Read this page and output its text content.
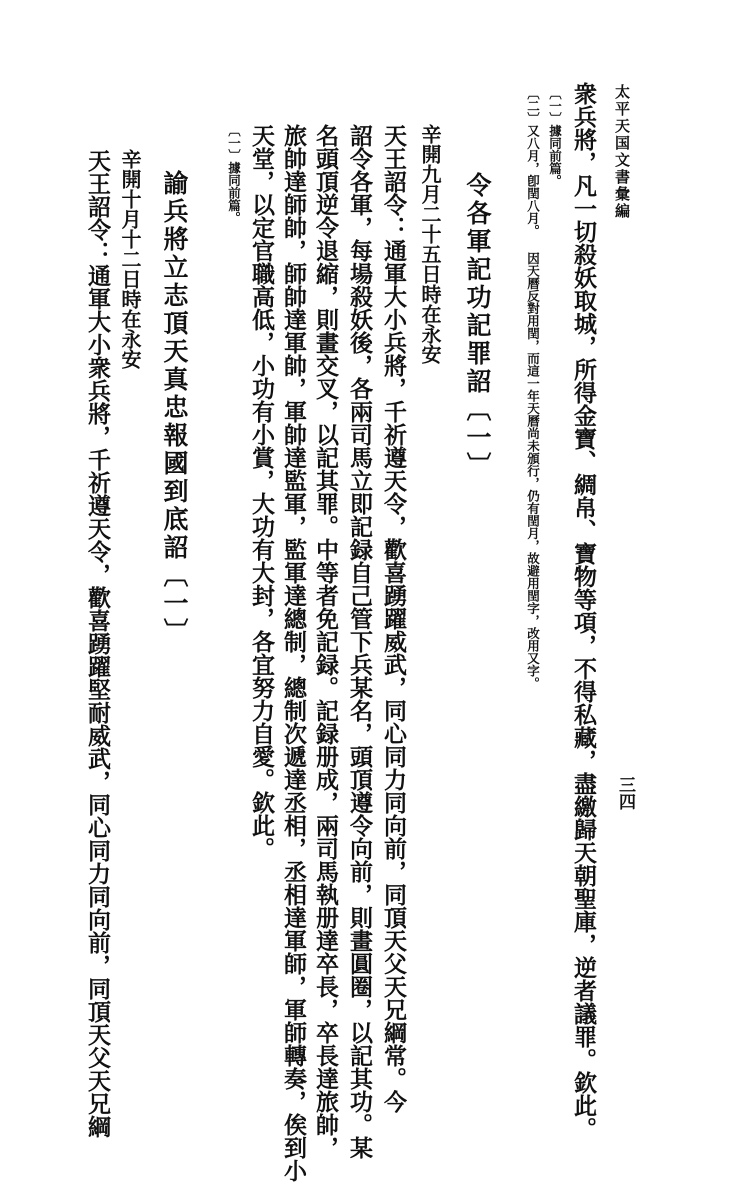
太平天国文書彙編
三四
衆兵將，凡一切殺妖取城，所得金寶、綢帛、寶物等項，不得私藏，盡繳歸天朝聖庫，逆者議罪。欽此。
〔一〕據同前篇。
〔二〕又八月，卽閏八月。 因天曆反對用閏，而這一年天曆尚未頒行，仍有閏月，故避用閏字，改用又字。
令各軍記功記罪詔〔一〕
辛開九月二十五日時在永安
天王詔令：通軍大小兵將，千祈遵天令，歡喜踴躍威武，同心同力同向前，同頂天父天兄綱常。今
詔令各軍，每場殺妖後，各兩司馬立即記録自己管下兵某名，頭頂遵令向前，則畫圓圈，以記其功。某
名頭頂逆令退縮，則畫交叉，以記其罪。中等者免記録。記録册成，兩司馬執册達卒長，卒長達旅帥，
旅帥達師帥，師帥達軍帥，軍帥達監軍，監軍達總制，總制次遞達丞相，丞相達軍師，軍師轉奏，俟到小
天堂，以定官職高低，小功有小賞，大功有大封，各宜努力自愛。欽此。
〔一〕據同前篇。
諭兵將立志頂天真忠報國到底詔〔一〕
辛開十月十二日時在永安
天王詔令：通軍大小衆兵將，千祈遵天令，歡喜踴躍堅耐威武，同心同力同向前，同頂天父天兄綱
